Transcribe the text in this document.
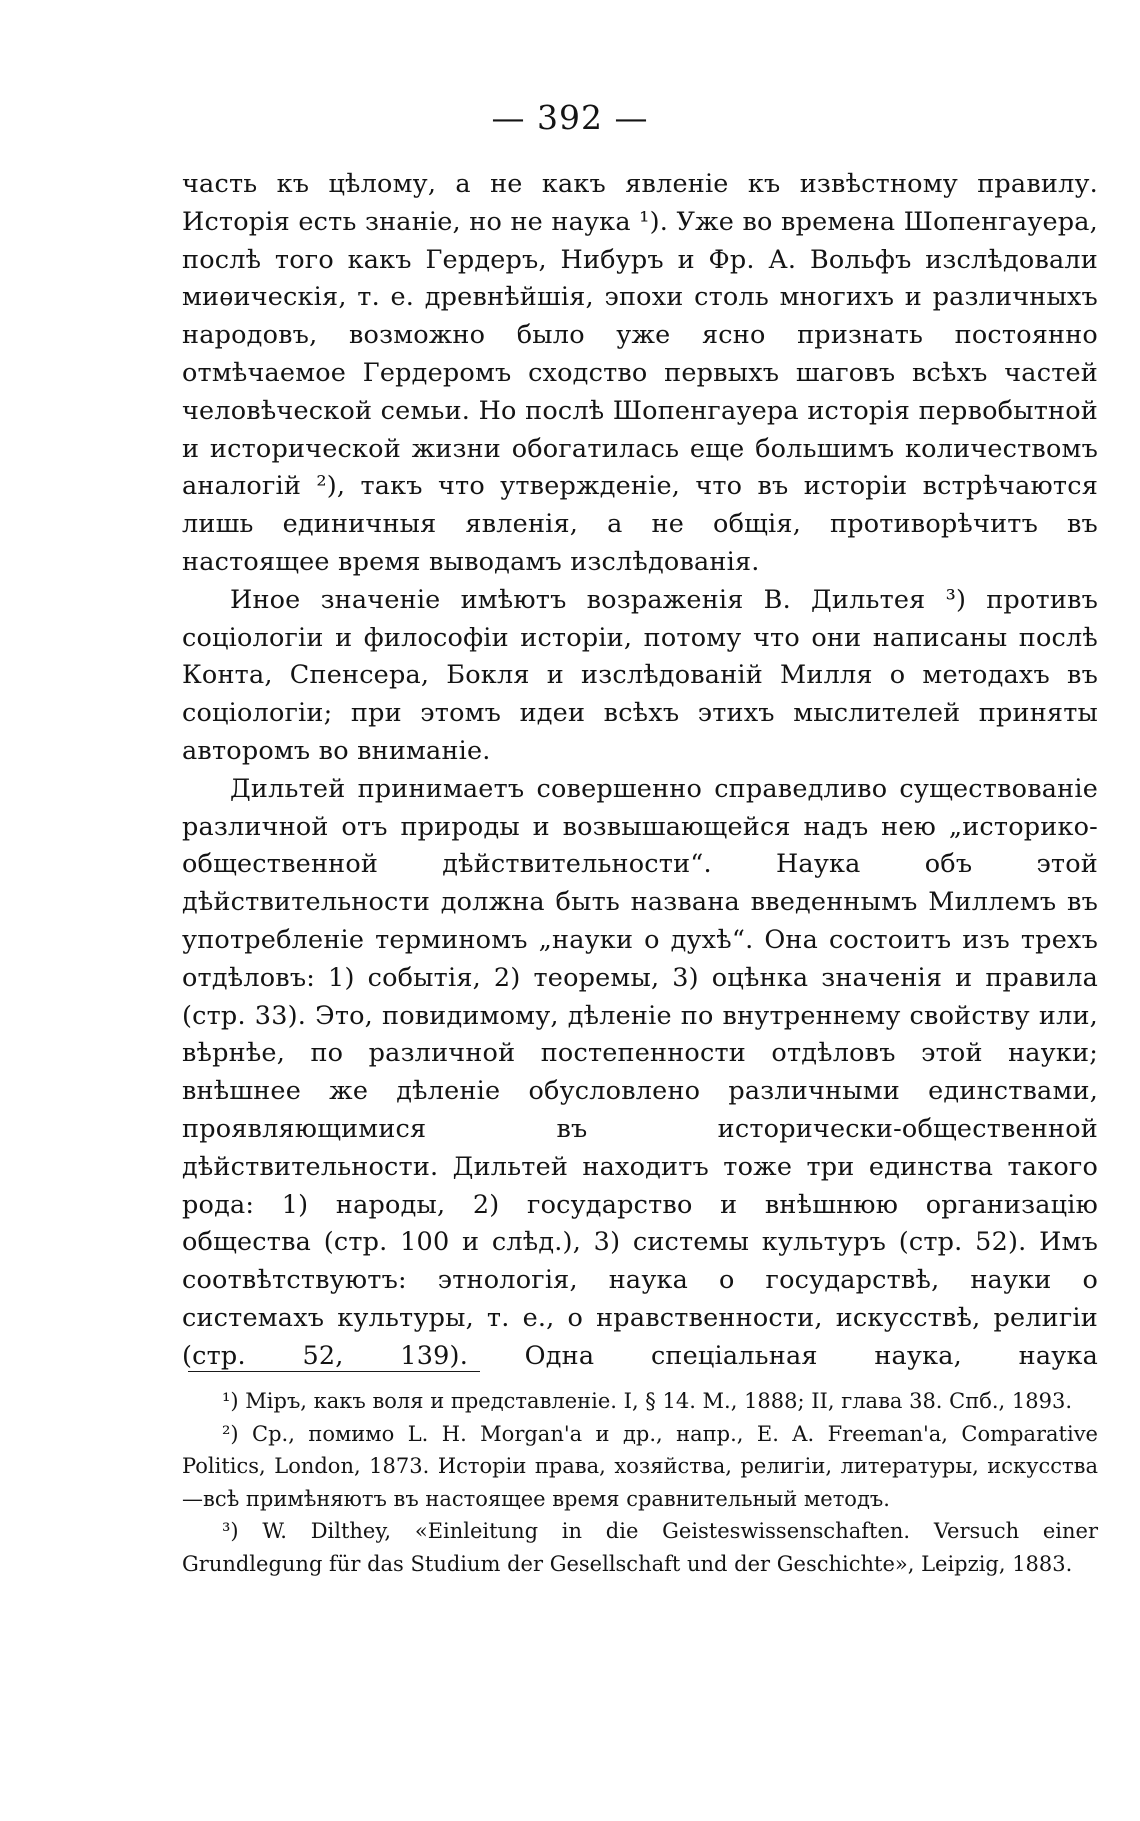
— 392 —

часть къ цѣлому, а не какъ явленіе къ извѣстному правилу. Исторія есть знаніе, но не наука ¹). Уже во времена Шопенгауера, послѣ того какъ Гердеръ, Нибуръ и Фр. А. Вольфъ изслѣдовали миѳическія, т. е. древнѣйшія, эпохи столь многихъ и различныхъ народовъ, возможно было уже ясно признать постоянно отмѣчаемое Гердеромъ сходство первыхъ шаговъ всѣхъ частей человѣческой семьи. Но послѣ Шопенгауера исторія первобытной и исторической жизни обогатилась еще большимъ количествомъ аналогій ²), такъ что утвержденіе, что въ исторіи встрѣчаются лишь единичныя явленія, а не общія, противорѣчитъ въ настоящее время выводамъ изслѣдованія.

Иное значеніе имѣютъ возраженія В. Дильтея ³) противъ соціологіи и философіи исторіи, потому что они написаны послѣ Конта, Спенсера, Бокля и изслѣдованій Милля о методахъ въ соціологіи; при этомъ идеи всѣхъ этихъ мыслителей приняты авторомъ во вниманіе.

Дильтей принимаетъ совершенно справедливо существованіе различной отъ природы и возвышающейся надъ нею „историко-общественной дѣйствительности“. Наука объ этой дѣйствительности должна быть названа введеннымъ Миллемъ въ употребленіе терминомъ „науки о духѣ“. Она состоитъ изъ трехъ отдѣловъ: 1) событія, 2) теоремы, 3) оцѣнка значенія и правила (стр. 33). Это, повидимому, дѣленіе по внутреннему свойству или, вѣрнѣе, по различной постепенности отдѣловъ этой науки; внѣшнее же дѣленіе обусловлено различными единствами, проявляющимися въ исторически-общественной дѣйствительности. Дильтей находитъ тоже три единства такого рода: 1) народы, 2) государство и внѣшнюю организацію общества (стр. 100 и слѣд.), 3) системы культуръ (стр. 52). Имъ соотвѣтствуютъ: этнологія, наука о государствѣ, науки о системахъ культуры, т. е., о нравственности, искусствѣ, религіи (стр. 52, 139). Одна спеціальная наука, наука

¹) Міръ, какъ воля и представленіе. I, § 14. М., 1888; II, глава 38. Спб., 1893.

²) Ср., помимо L. H. Morgan'а и др., напр., E. A. Freeman'а, Comparative Politics, London, 1873. Исторіи права, хозяйства, религіи, литературы, искусства—всѣ примѣняютъ въ настоящее время сравнительный методъ.

³) W. Dilthey, «Einleitung in die Geisteswissenschaften. Versuch einer Grundlegung für das Studium der Gesellschaft und der Geschichte», Leipzig, 1883.
